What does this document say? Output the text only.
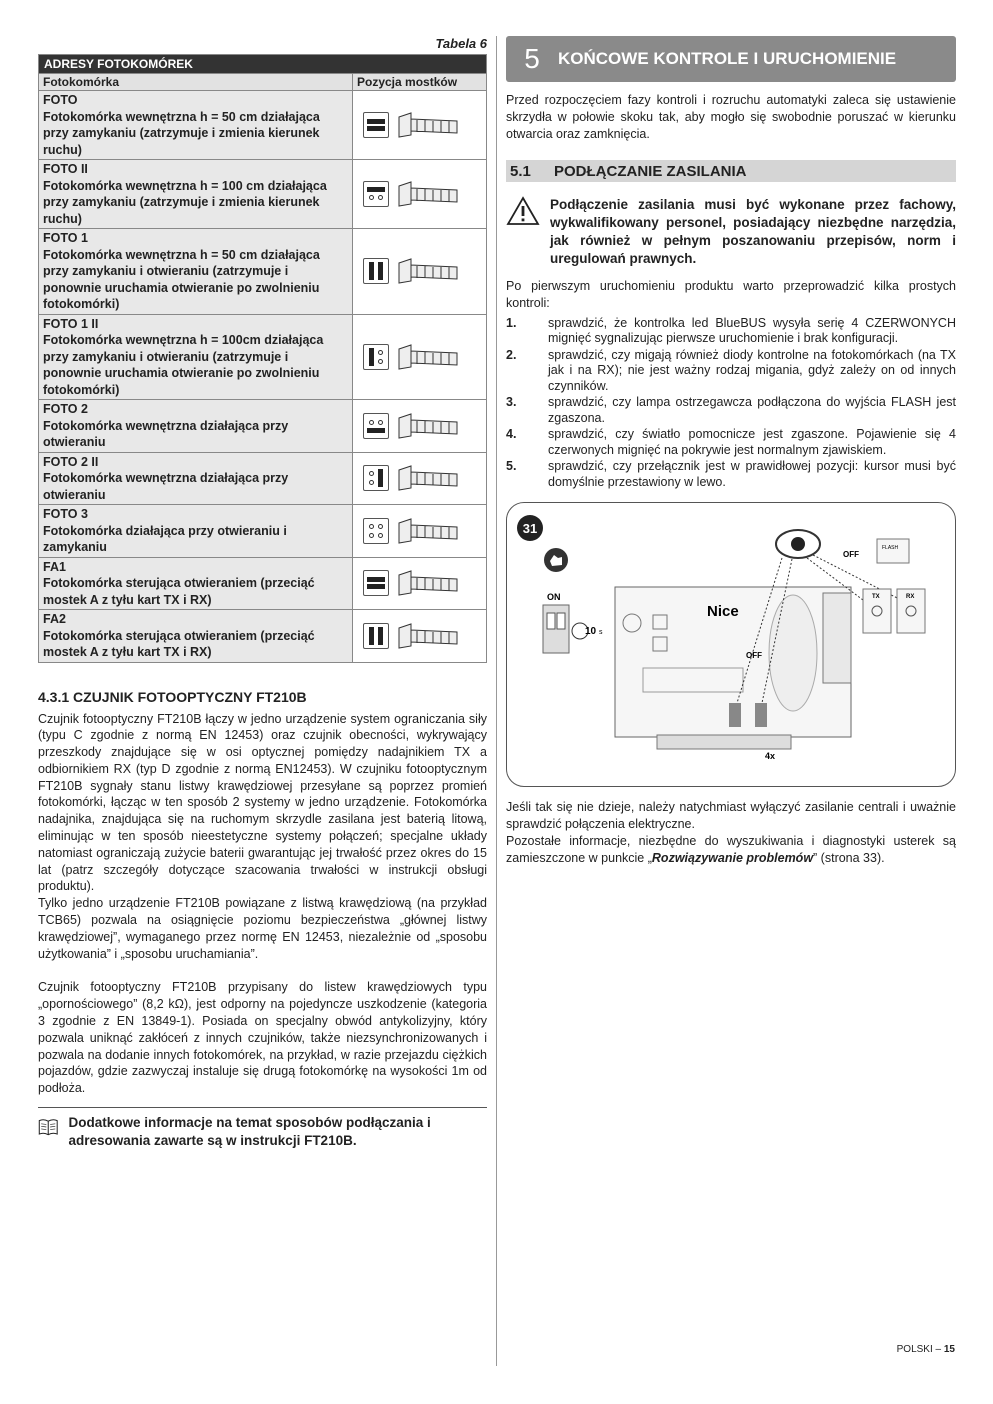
Tabela 6
ADRESY FOTOKOMÓREK	
Fotokomórka	Pozycja mostków

FOTO
Fotokomórka wewnętrzna h = 50 cm działająca przy zamykaniu (zatrzymuje i zmienia kierunek ruchu)

FOTO II
Fotokomórka wewnętrzna h = 100 cm działająca przy zamykaniu (zatrzymuje i zmienia kierunek ruchu)

FOTO 1
Fotokomórka wewnętrzna h = 50 cm działająca przy zamykaniu i otwieraniu (zatrzymuje i ponownie uruchamia otwieranie po zwolnieniu fotokomórki)

FOTO 1 II
Fotokomórka wewnętrzna h = 100cm działająca przy zamykaniu i otwieraniu (zatrzymuje i ponownie uruchamia otwieranie po zwolnieniu fotokomórki)

FOTO 2
Fotokomórka wewnętrzna działająca przy otwieraniu

FOTO 2 II
Fotokomórka wewnętrzna działająca przy otwieraniu

FOTO 3
Fotokomórka działająca przy otwieraniu i zamykaniu

FA1
Fotokomórka sterująca otwieraniem (przeciąć mostek A z tyłu kart TX i RX)

FA2
Fotokomórka sterująca otwieraniem (przeciąć mostek A z tyłu kart TX i RX)

4.3.1 CZUJNIK FOTOOPTYCZNY FT210B

Czujnik fotooptyczny FT210B łączy w jedno urządzenie system ograniczania siły (typu C zgodnie z normą EN 12453) oraz czujnik obecności, wykrywający przeszkody znajdujące się w osi optycznej pomiędzy nadajnikiem TX a odbiornikiem RX (typ D zgodnie z normą EN12453). W czujniku fotooptycznym FT210B sygnały stanu listwy krawędziowej przesyłane są poprzez promień fotokomórki, łącząc w ten sposób 2 systemy w jedno urządzenie. Fotokomórka nadajnika, znajdująca się na ruchomym skrzydle zasilana jest baterią litową, eliminując w ten sposób nieestetyczne systemy połączeń; specjalne układy natomiast ograniczają zużycie baterii gwarantując jej trwałość przez okres do 15 lat (patrz szczegóły dotyczące szacowania trwałości w instrukcji obsługi produktu).

Tylko jedno urządzenie FT210B powiązane z listwą krawędziową (na przykład TCB65) pozwala na osiągnięcie poziomu bezpieczeństwa „głównej listwy krawędziowej”, wymaganego przez normę EN 12453, niezależnie od „sposobu użytkowania” i „sposobu uruchamiania”.

Czujnik fotooptyczny FT210B przypisany do listew krawędziowych typu „opornościowego” (8,2 kΩ), jest odporny na pojedyncze uszkodzenie (kategoria 3 zgodnie z EN 13849-1). Posiada on specjalny obwód antykolizyjny, który pozwala uniknąć zakłóceń z innych czujników, także niezsynchronizowanych i pozwala na dodanie innych fotokomórek, na przykład, w razie przejazdu ciężkich pojazdów, gdzie zazwyczaj instaluje się drugą fotokomórkę na wysokości 1m od podłoża.

Dodatkowe informacje na temat sposobów podłączania i adresowania zawarte są w instrukcji FT210B.
5	KOŃCOWE KONTROLE I URUCHOMIENIE

Przed rozpoczęciem fazy kontroli i rozruchu automatyki zaleca się ustawienie skrzydła w połowie skoku tak, aby mogło się swobodnie poruszać w kierunku otwarcia oraz zamknięcia.

5.1	PODŁĄCZANIE ZASILANIA
Podłączenie zasilania musi być wykonane przez fachowy, wykwalifikowany personel, posiadający niezbędne narzędzia, jak również w pełnym poszanowaniu przepisów, norm i uregulowań prawnych.

Po pierwszym uruchomieniu produktu warto przeprowadzić kilka prostych kontroli:

1.	sprawdzić, że kontrolka led BlueBUS wysyła serię 4 CZERWONYCH mignięć sygnalizując pierwsze uruchomienie i brak konfiguracji.
2.	sprawdzić, czy migają również diody kontrolne na fotokomórkach (na TX jak i na RX); nie jest ważny rodzaj migania, gdyż zależy on od innych czynników.
3.	sprawdzić, czy lampa ostrzegawcza podłączona do wyjścia FLASH jest zgaszona.
4.	sprawdzić, czy światło pomocnicze jest zgaszone. Pojawienie się 4 czerwonych mignięć na pokrywie jest normalnym zjawiskiem.
5.	sprawdzić, czy przełącznik jest w prawidłowej pozycji: kursor musi być domyślnie przestawiony w lewo.
31
ON
10 s
Nice
OFF
4x
OFF
FLASH
TX	RX

Jeśli tak się nie dzieje, należy natychmiast wyłączyć zasilanie centrali i uważnie sprawdzić połączenia elektryczne.

Pozostałe informacje, niezbędne do wyszukiwania i diagnostyki usterek są zamieszczone w punkcie „Rozwiązywanie problemów” (strona 33).

POLSKI – 15
